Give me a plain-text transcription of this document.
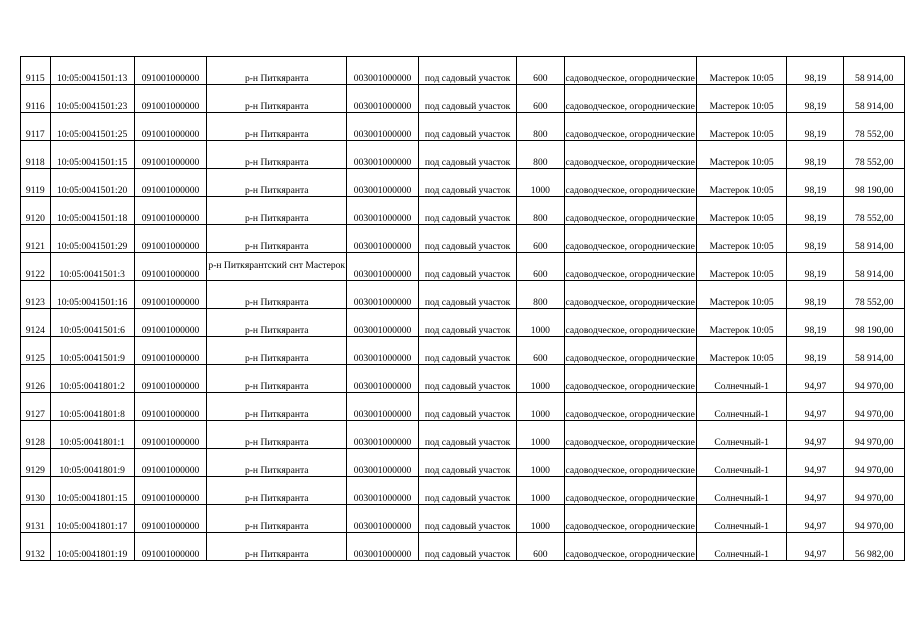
9115	10:05:0041501:13	091001000000	р-н Питкяранта	003001000000	под садовый участок	600	садоводческое, огороднические	Мастерок 10:05	98,19	58 914,00
9116	10:05:0041501:23	091001000000	р-н Питкяранта	003001000000	под садовый участок	600	садоводческое, огороднические	Мастерок 10:05	98,19	58 914,00
9117	10:05:0041501:25	091001000000	р-н Питкяранта	003001000000	под садовый участок	800	садоводческое, огороднические	Мастерок 10:05	98,19	78 552,00
9118	10:05:0041501:15	091001000000	р-н Питкяранта	003001000000	под садовый участок	800	садоводческое, огороднические	Мастерок 10:05	98,19	78 552,00
9119	10:05:0041501:20	091001000000	р-н Питкяранта	003001000000	под садовый участок	1000	садоводческое, огороднические	Мастерок 10:05	98,19	98 190,00
9120	10:05:0041501:18	091001000000	р-н Питкяранта	003001000000	под садовый участок	800	садоводческое, огороднические	Мастерок 10:05	98,19	78 552,00
9121	10:05:0041501:29	091001000000	р-н Питкяранта	003001000000	под садовый участок	600	садоводческое, огороднические	Мастерок 10:05	98,19	58 914,00
9122	10:05:0041501:3	091001000000	р-н Питкярантский снт Мастерок	003001000000	под садовый участок	600	садоводческое, огороднические	Мастерок 10:05	98,19	58 914,00
9123	10:05:0041501:16	091001000000	р-н Питкяранта	003001000000	под садовый участок	800	садоводческое, огороднические	Мастерок 10:05	98,19	78 552,00
9124	10:05:0041501:6	091001000000	р-н Питкяранта	003001000000	под садовый участок	1000	садоводческое, огороднические	Мастерок 10:05	98,19	98 190,00
9125	10:05:0041501:9	091001000000	р-н Питкяранта	003001000000	под садовый участок	600	садоводческое, огороднические	Мастерок 10:05	98,19	58 914,00
9126	10:05:0041801:2	091001000000	р-н Питкяранта	003001000000	под садовый участок	1000	садоводческое, огороднические	Солнечный-1	94,97	94 970,00
9127	10:05:0041801:8	091001000000	р-н Питкяранта	003001000000	под садовый участок	1000	садоводческое, огороднические	Солнечный-1	94,97	94 970,00
9128	10:05:0041801:1	091001000000	р-н Питкяранта	003001000000	под садовый участок	1000	садоводческое, огороднические	Солнечный-1	94,97	94 970,00
9129	10:05:0041801:9	091001000000	р-н Питкяранта	003001000000	под садовый участок	1000	садоводческое, огороднические	Солнечный-1	94,97	94 970,00
9130	10:05:0041801:15	091001000000	р-н Питкяранта	003001000000	под садовый участок	1000	садоводческое, огороднические	Солнечный-1	94,97	94 970,00
9131	10:05:0041801:17	091001000000	р-н Питкяранта	003001000000	под садовый участок	1000	садоводческое, огороднические	Солнечный-1	94,97	94 970,00
9132	10:05:0041801:19	091001000000	р-н Питкяранта	003001000000	под садовый участок	600	садоводческое, огороднические	Солнечный-1	94,97	56 982,00
